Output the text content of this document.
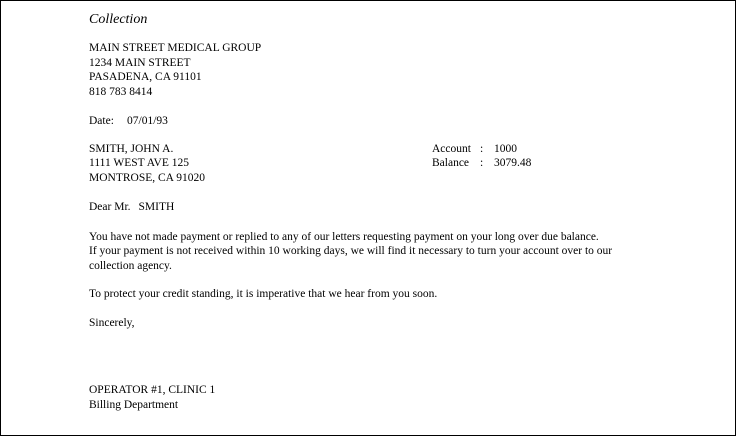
Collection
MAIN STREET MEDICAL GROUP
1234 MAIN STREET
PASADENA, CA 91101
818 783 8414
Date: 07/01/93
SMITH, JOHN A.
1111 WEST AVE 125
MONTROSE, CA 91020
Account : 1000
Balance : 3079.48
Dear Mr. SMITH
You have not made payment or replied to any of our letters requesting payment on your long over due balance.
If your payment is not received within 10 working days, we will find it necessary to turn your account over to our
collection agency.
To protect your credit standing, it is imperative that we hear from you soon.
Sincerely,
OPERATOR #1, CLINIC 1
Billing Department
